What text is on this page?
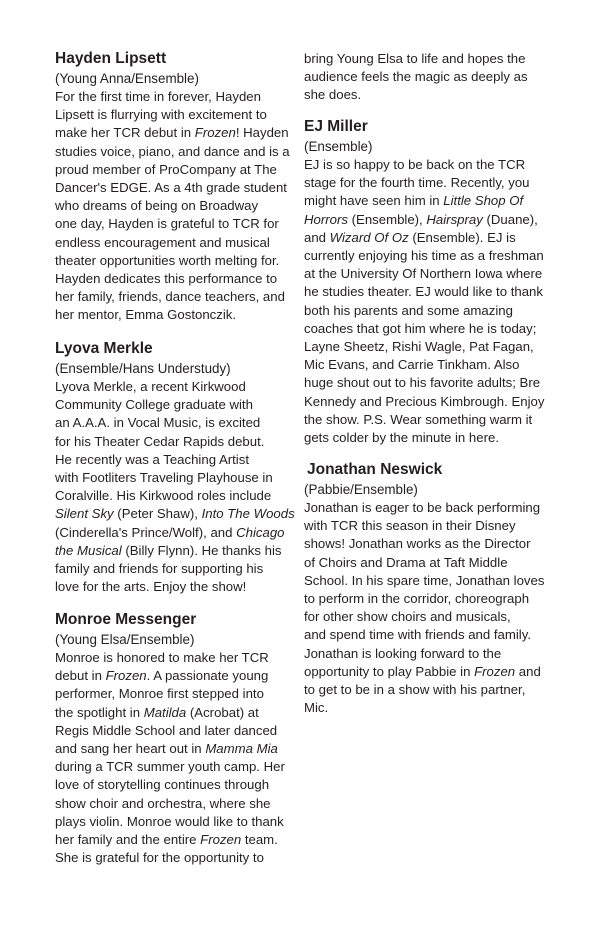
Hayden Lipsett
(Young Anna/Ensemble)
For the first time in forever, Hayden
Lipsett is flurrying with excitement to
make her TCR debut in Frozen! Hayden
studies voice, piano, and dance and is a
proud member of ProCompany at The
Dancer's EDGE. As a 4th grade student
who dreams of being on Broadway
one day, Hayden is grateful to TCR for
endless encouragement and musical
theater opportunities worth melting for.
Hayden dedicates this performance to
her family, friends, dance teachers, and
her mentor, Emma Gostonczik.
Lyova Merkle
(Ensemble/Hans Understudy)
Lyova Merkle, a recent Kirkwood
Community College graduate with
an A.A.A. in Vocal Music, is excited
for his Theater Cedar Rapids debut.
He recently was a Teaching Artist
with Footliters Traveling Playhouse in
Coralville. His Kirkwood roles include
Silent Sky (Peter Shaw), Into The Woods
(Cinderella's Prince/Wolf), and Chicago
the Musical (Billy Flynn). He thanks his
family and friends for supporting his
love for the arts. Enjoy the show!
Monroe Messenger
(Young Elsa/Ensemble)
Monroe is honored to make her TCR
debut in Frozen. A passionate young
performer, Monroe first stepped into
the spotlight in Matilda (Acrobat) at
Regis Middle School and later danced
and sang her heart out in Mamma Mia
during a TCR summer youth camp. Her
love of storytelling continues through
show choir and orchestra, where she
plays violin. Monroe would like to thank
her family and the entire Frozen team.
She is grateful for the opportunity to
bring Young Elsa to life and hopes the
audience feels the magic as deeply as
she does.
EJ Miller
(Ensemble)
EJ is so happy to be back on the TCR
stage for the fourth time. Recently, you
might have seen him in Little Shop Of
Horrors (Ensemble), Hairspray (Duane),
and Wizard Of Oz (Ensemble). EJ is
currently enjoying his time as a freshman
at the University Of Northern Iowa where
he studies theater. EJ would like to thank
both his parents and some amazing
coaches that got him where he is today;
Layne Sheetz, Rishi Wagle, Pat Fagan,
Mic Evans, and Carrie Tinkham. Also
huge shout out to his favorite adults; Bre
Kennedy and Precious Kimbrough. Enjoy
the show. P.S. Wear something warm it
gets colder by the minute in here.
Jonathan Neswick
(Pabbie/Ensemble)
Jonathan is eager to be back performing
with TCR this season in their Disney
shows! Jonathan works as the Director
of Choirs and Drama at Taft Middle
School. In his spare time, Jonathan loves
to perform in the corridor, choreograph
for other show choirs and musicals,
and spend time with friends and family.
Jonathan is looking forward to the
opportunity to play Pabbie in Frozen and
to get to be in a show with his partner,
Mic.
